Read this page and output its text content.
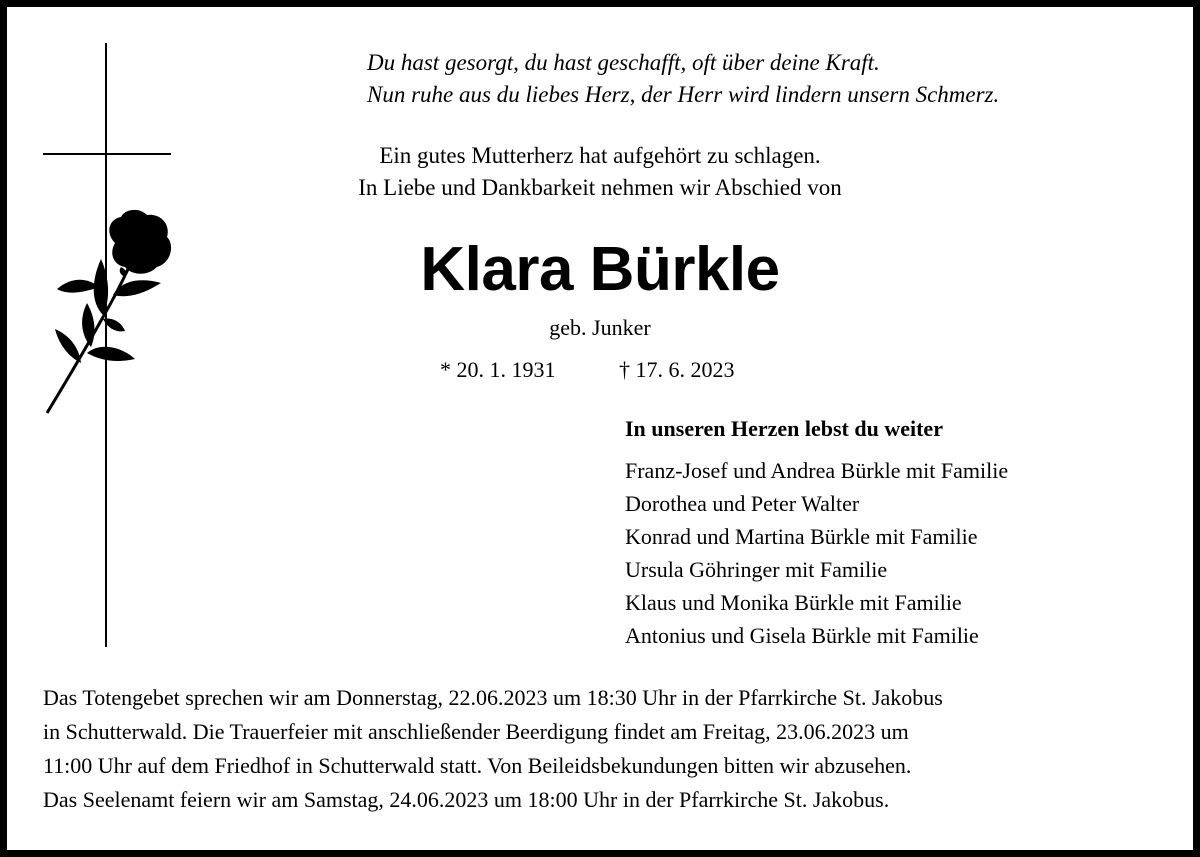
Du hast gesorgt, du hast geschafft, oft über deine Kraft.
Nun ruhe aus du liebes Herz, der Herr wird lindern unsern Schmerz.
Ein gutes Mutterherz hat aufgehört zu schlagen.
In Liebe und Dankbarkeit nehmen wir Abschied von
Klara Bürkle
geb. Junker
* 20. 1. 1931	† 17. 6. 2023
In unseren Herzen lebst du weiter
Franz-Josef und Andrea Bürkle mit Familie
Dorothea und Peter Walter
Konrad und Martina Bürkle mit Familie
Ursula Göhringer mit Familie
Klaus und Monika Bürkle mit Familie
Antonius und Gisela Bürkle mit Familie

Das Totengebet sprechen wir am Donnerstag, 22.06.2023 um 18:30 Uhr in der Pfarrkirche St. Jakobus

in Schutterwald. Die Trauerfeier mit anschließender Beerdigung findet am Freitag, 23.06.2023 um

11:00 Uhr auf dem Friedhof in Schutterwald statt. Von Beileidsbekundungen bitten wir abzusehen.

Das Seelenamt feiern wir am Samstag, 24.06.2023 um 18:00 Uhr in der Pfarrkirche St. Jakobus.
